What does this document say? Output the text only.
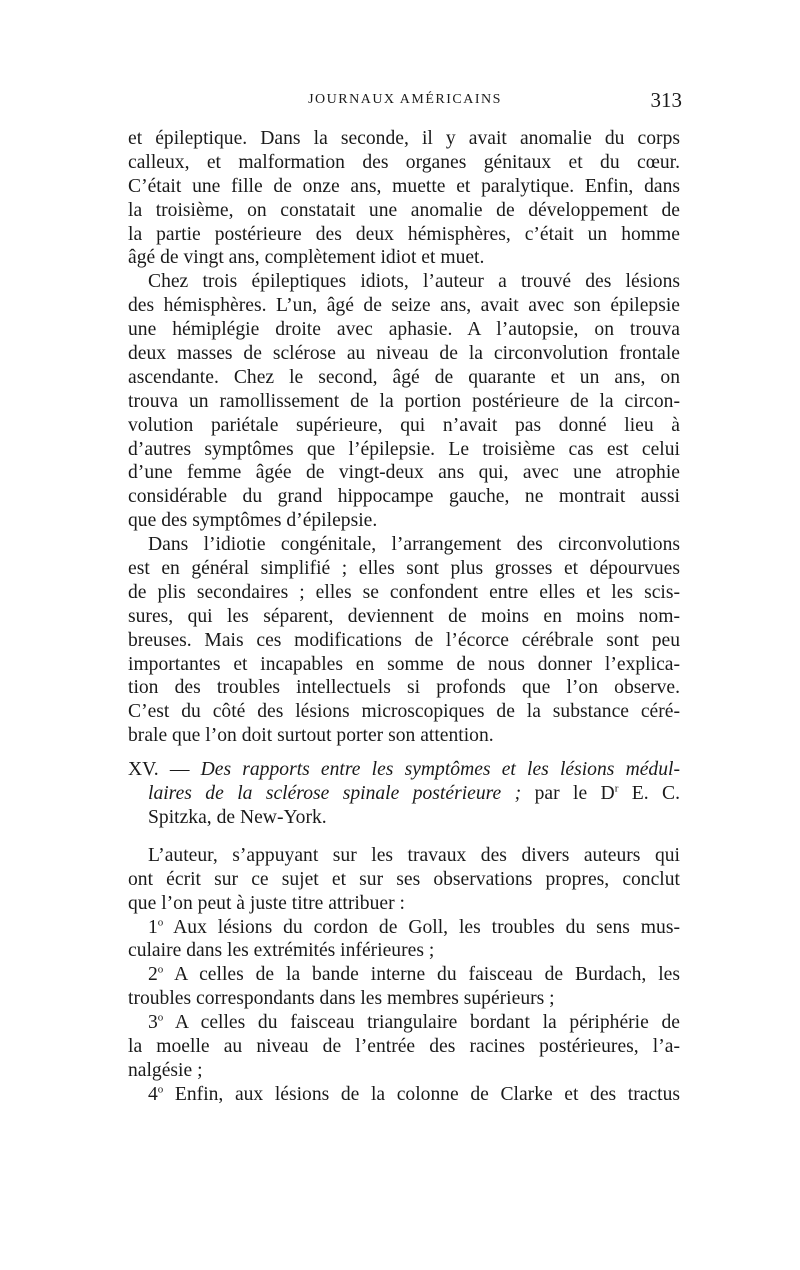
JOURNAUX AMÉRICAINS	313
et épileptique. Dans la seconde, il y avait anomalie du corps
calleux, et malformation des organes génitaux et du cœur.
C’était une fille de onze ans, muette et paralytique. Enfin, dans
la troisième, on constatait une anomalie de développement de
la partie postérieure des deux hémisphères, c’était un homme
âgé de vingt ans, complètement idiot et muet.
Chez trois épileptiques idiots, l’auteur a trouvé des lésions
des hémisphères. L’un, âgé de seize ans, avait avec son épilepsie
une hémiplégie droite avec aphasie. A l’autopsie, on trouva
deux masses de sclérose au niveau de la circonvolution frontale
ascendante. Chez le second, âgé de quarante et un ans, on
trouva un ramollissement de la portion postérieure de la circon-
volution pariétale supérieure, qui n’avait pas donné lieu à
d’autres symptômes que l’épilepsie. Le troisième cas est celui
d’une femme âgée de vingt-deux ans qui, avec une atrophie
considérable du grand hippocampe gauche, ne montrait aussi
que des symptômes d’épilepsie.
Dans l’idiotie congénitale, l’arrangement des circonvolutions
est en général simplifié ; elles sont plus grosses et dépourvues
de plis secondaires ; elles se confondent entre elles et les scis-
sures, qui les séparent, deviennent de moins en moins nom-
breuses. Mais ces modifications de l’écorce cérébrale sont peu
importantes et incapables en somme de nous donner l’explica-
tion des troubles intellectuels si profonds que l’on observe.
C’est du côté des lésions microscopiques de la substance céré-
brale que l’on doit surtout porter son attention.
XV. — Des rapports entre les symptômes et les lésions médul-
laires de la sclérose spinale postérieure ; par le $D^r$ E. C.
Spitzka, de New-York.
L’auteur, s’appuyant sur les travaux des divers auteurs qui
ont écrit sur ce sujet et sur ses observations propres, conclut
que l’on peut à juste titre attribuer :
1$^o$ Aux lésions du cordon de Goll, les troubles du sens mus-
culaire dans les extrémités inférieures ;
2$^o$ A celles de la bande interne du faisceau de Burdach, les
troubles correspondants dans les membres supérieurs ;
3$^o$ A celles du faisceau triangulaire bordant la périphérie de
la moelle au niveau de l’entrée des racines postérieures, l’a-
nalgésie ;
4$^o$ Enfin, aux lésions de la colonne de Clarke et des tractus
